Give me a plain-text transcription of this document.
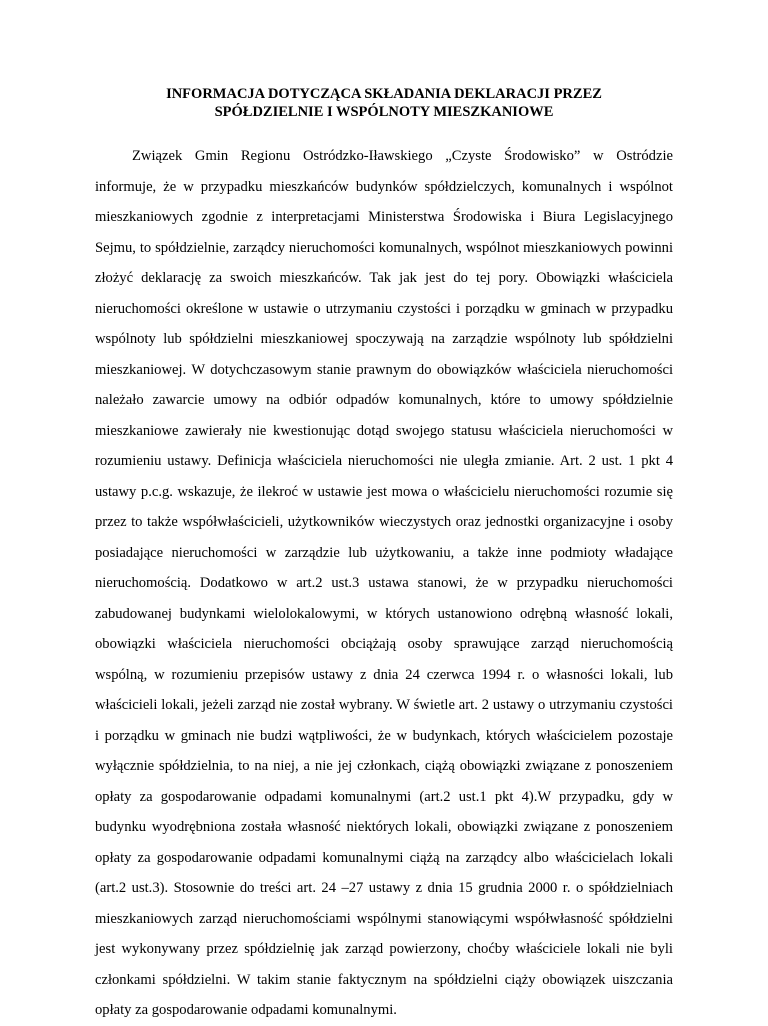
INFORMACJA DOTYCZĄCA SKŁADANIA DEKLARACJI PRZEZ
SPÓŁDZIELNIE I WSPÓLNOTY MIESZKANIOWE

Związek Gmin Regionu Ostródzko-Iławskiego „Czyste Środowisko” w Ostródzie informuje, że w przypadku mieszkańców budynków spółdzielczych, komunalnych i wspólnot mieszkaniowych zgodnie z interpretacjami Ministerstwa Środowiska i Biura Legislacyjnego Sejmu, to spółdzielnie, zarządcy nieruchomości komunalnych, wspólnot mieszkaniowych powinni złożyć deklarację za swoich mieszkańców. Tak jak jest do tej pory. Obowiązki właściciela nieruchomości określone w ustawie o utrzymaniu czystości i porządku w gminach w przypadku wspólnoty lub spółdzielni mieszkaniowej spoczywają na zarządzie wspólnoty lub spółdzielni mieszkaniowej. W dotychczasowym stanie prawnym do obowiązków właściciela nieruchomości należało zawarcie umowy na odbiór odpadów komunalnych, które to umowy spółdzielnie mieszkaniowe zawierały nie kwestionując dotąd swojego statusu właściciela nieruchomości w rozumieniu ustawy. Definicja właściciela nieruchomości nie uległa zmianie. Art. 2 ust. 1 pkt 4 ustawy p.c.g. wskazuje, że ilekroć w ustawie jest mowa o właścicielu nieruchomości rozumie się przez to także współwłaścicieli, użytkowników wieczystych oraz jednostki organizacyjne i osoby posiadające nieruchomości w zarządzie lub użytkowaniu, a także inne podmioty władające nieruchomością. Dodatkowo w art.2 ust.3 ustawa stanowi, że w przypadku nieruchomości zabudowanej budynkami wielolokalowymi, w których ustanowiono odrębną własność lokali, obowiązki właściciela nieruchomości obciążają osoby sprawujące zarząd nieruchomością wspólną, w rozumieniu przepisów ustawy z dnia 24 czerwca 1994 r. o własności lokali, lub właścicieli lokali, jeżeli zarząd nie został wybrany. W świetle art. 2 ustawy o utrzymaniu czystości i porządku w gminach nie budzi wątpliwości, że w budynkach, których właścicielem pozostaje wyłącznie spółdzielnia, to na niej, a nie jej członkach, ciążą obowiązki związane z ponoszeniem opłaty za gospodarowanie odpadami komunalnymi (art.2 ust.1 pkt 4).W przypadku, gdy w budynku wyodrębniona została własność niektórych lokali, obowiązki związane z ponoszeniem opłaty za gospodarowanie odpadami komunalnymi ciążą na zarządcy albo właścicielach lokali (art.2 ust.3). Stosownie do treści art. 24 –27 ustawy z dnia 15 grudnia 2000 r. o spółdzielniach mieszkaniowych zarząd nieruchomościami wspólnymi stanowiącymi współwłasność spółdzielni jest wykonywany przez spółdzielnię jak zarząd powierzony, choćby właściciele lokali nie byli członkami spółdzielni. W takim stanie faktycznym na spółdzielni ciąży obowiązek uiszczania opłaty za gospodarowanie odpadami komunalnymi.
